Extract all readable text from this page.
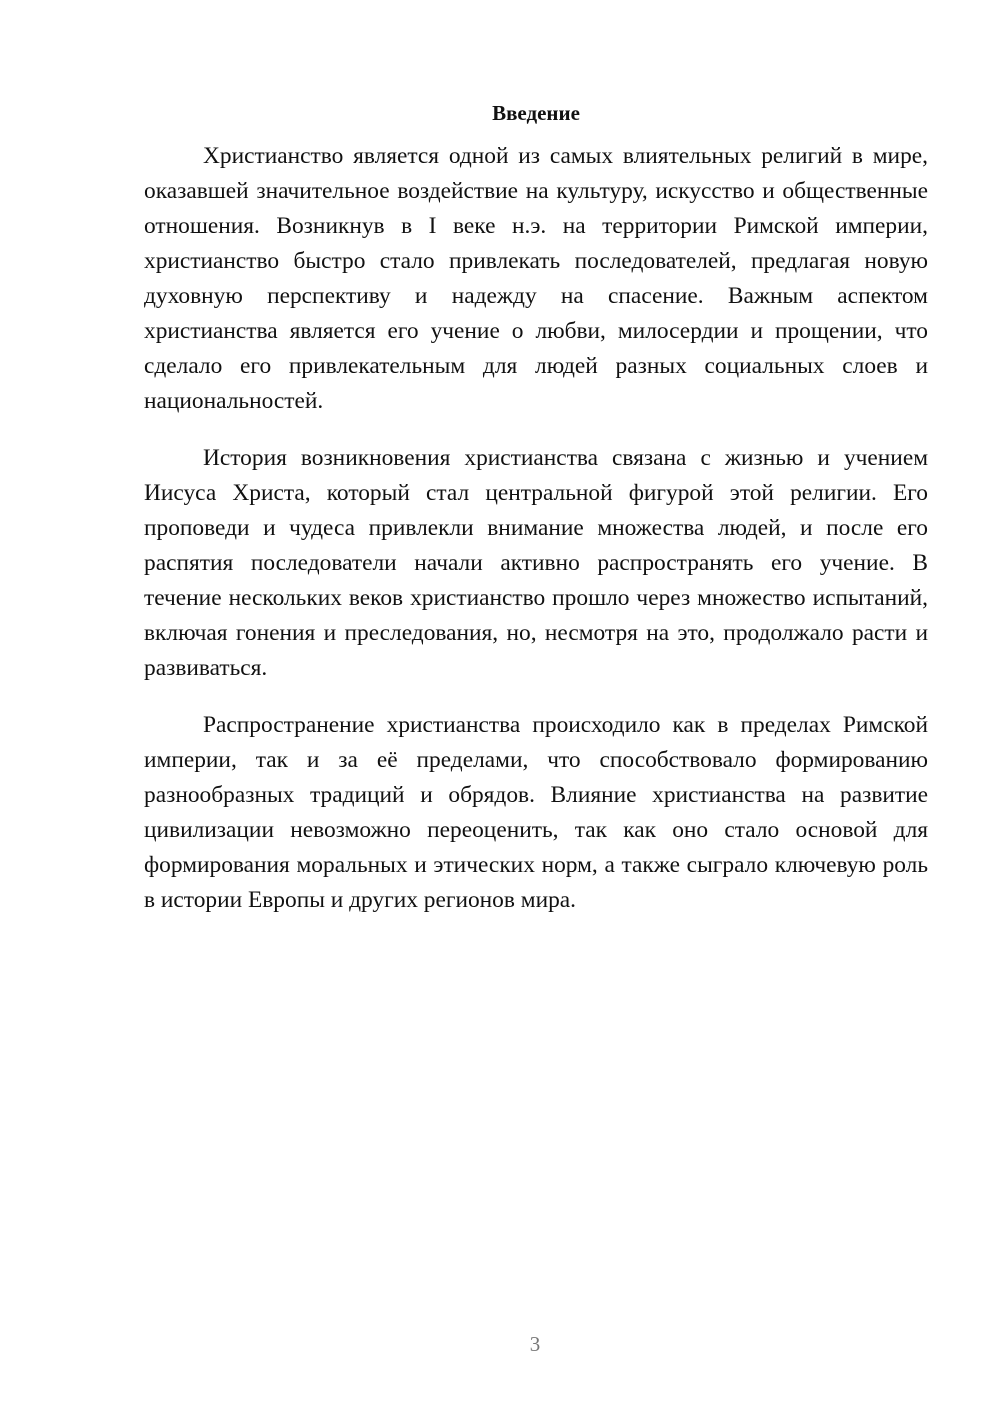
Введение

Христианство является одной из самых влиятельных религий в мире, оказавшей значительное воздействие на культуру, искусство и общественные отношения. Возникнув в I веке н.э. на территории Римской империи, христианство быстро стало привлекать последователей, предлагая новую духовную перспективу и надежду на спасение. Важным аспектом христианства является его учение о любви, милосердии и прощении, что сделало его привлекательным для людей разных социальных слоев и национальностей.

История возникновения христианства связана с жизнью и учением Иисуса Христа, который стал центральной фигурой этой религии. Его проповеди и чудеса привлекли внимание множества людей, и после его распятия последователи начали активно распространять его учение. В течение нескольких веков христианство прошло через множество испытаний, включая гонения и преследования, но, несмотря на это, продолжало расти и развиваться.

Распространение христианства происходило как в пределах Римской империи, так и за её пределами, что способствовало формированию разнообразных традиций и обрядов. Влияние христианства на развитие цивилизации невозможно переоценить, так как оно стало основой для формирования моральных и этических норм, а также сыграло ключевую роль в истории Европы и других регионов мира.

3
